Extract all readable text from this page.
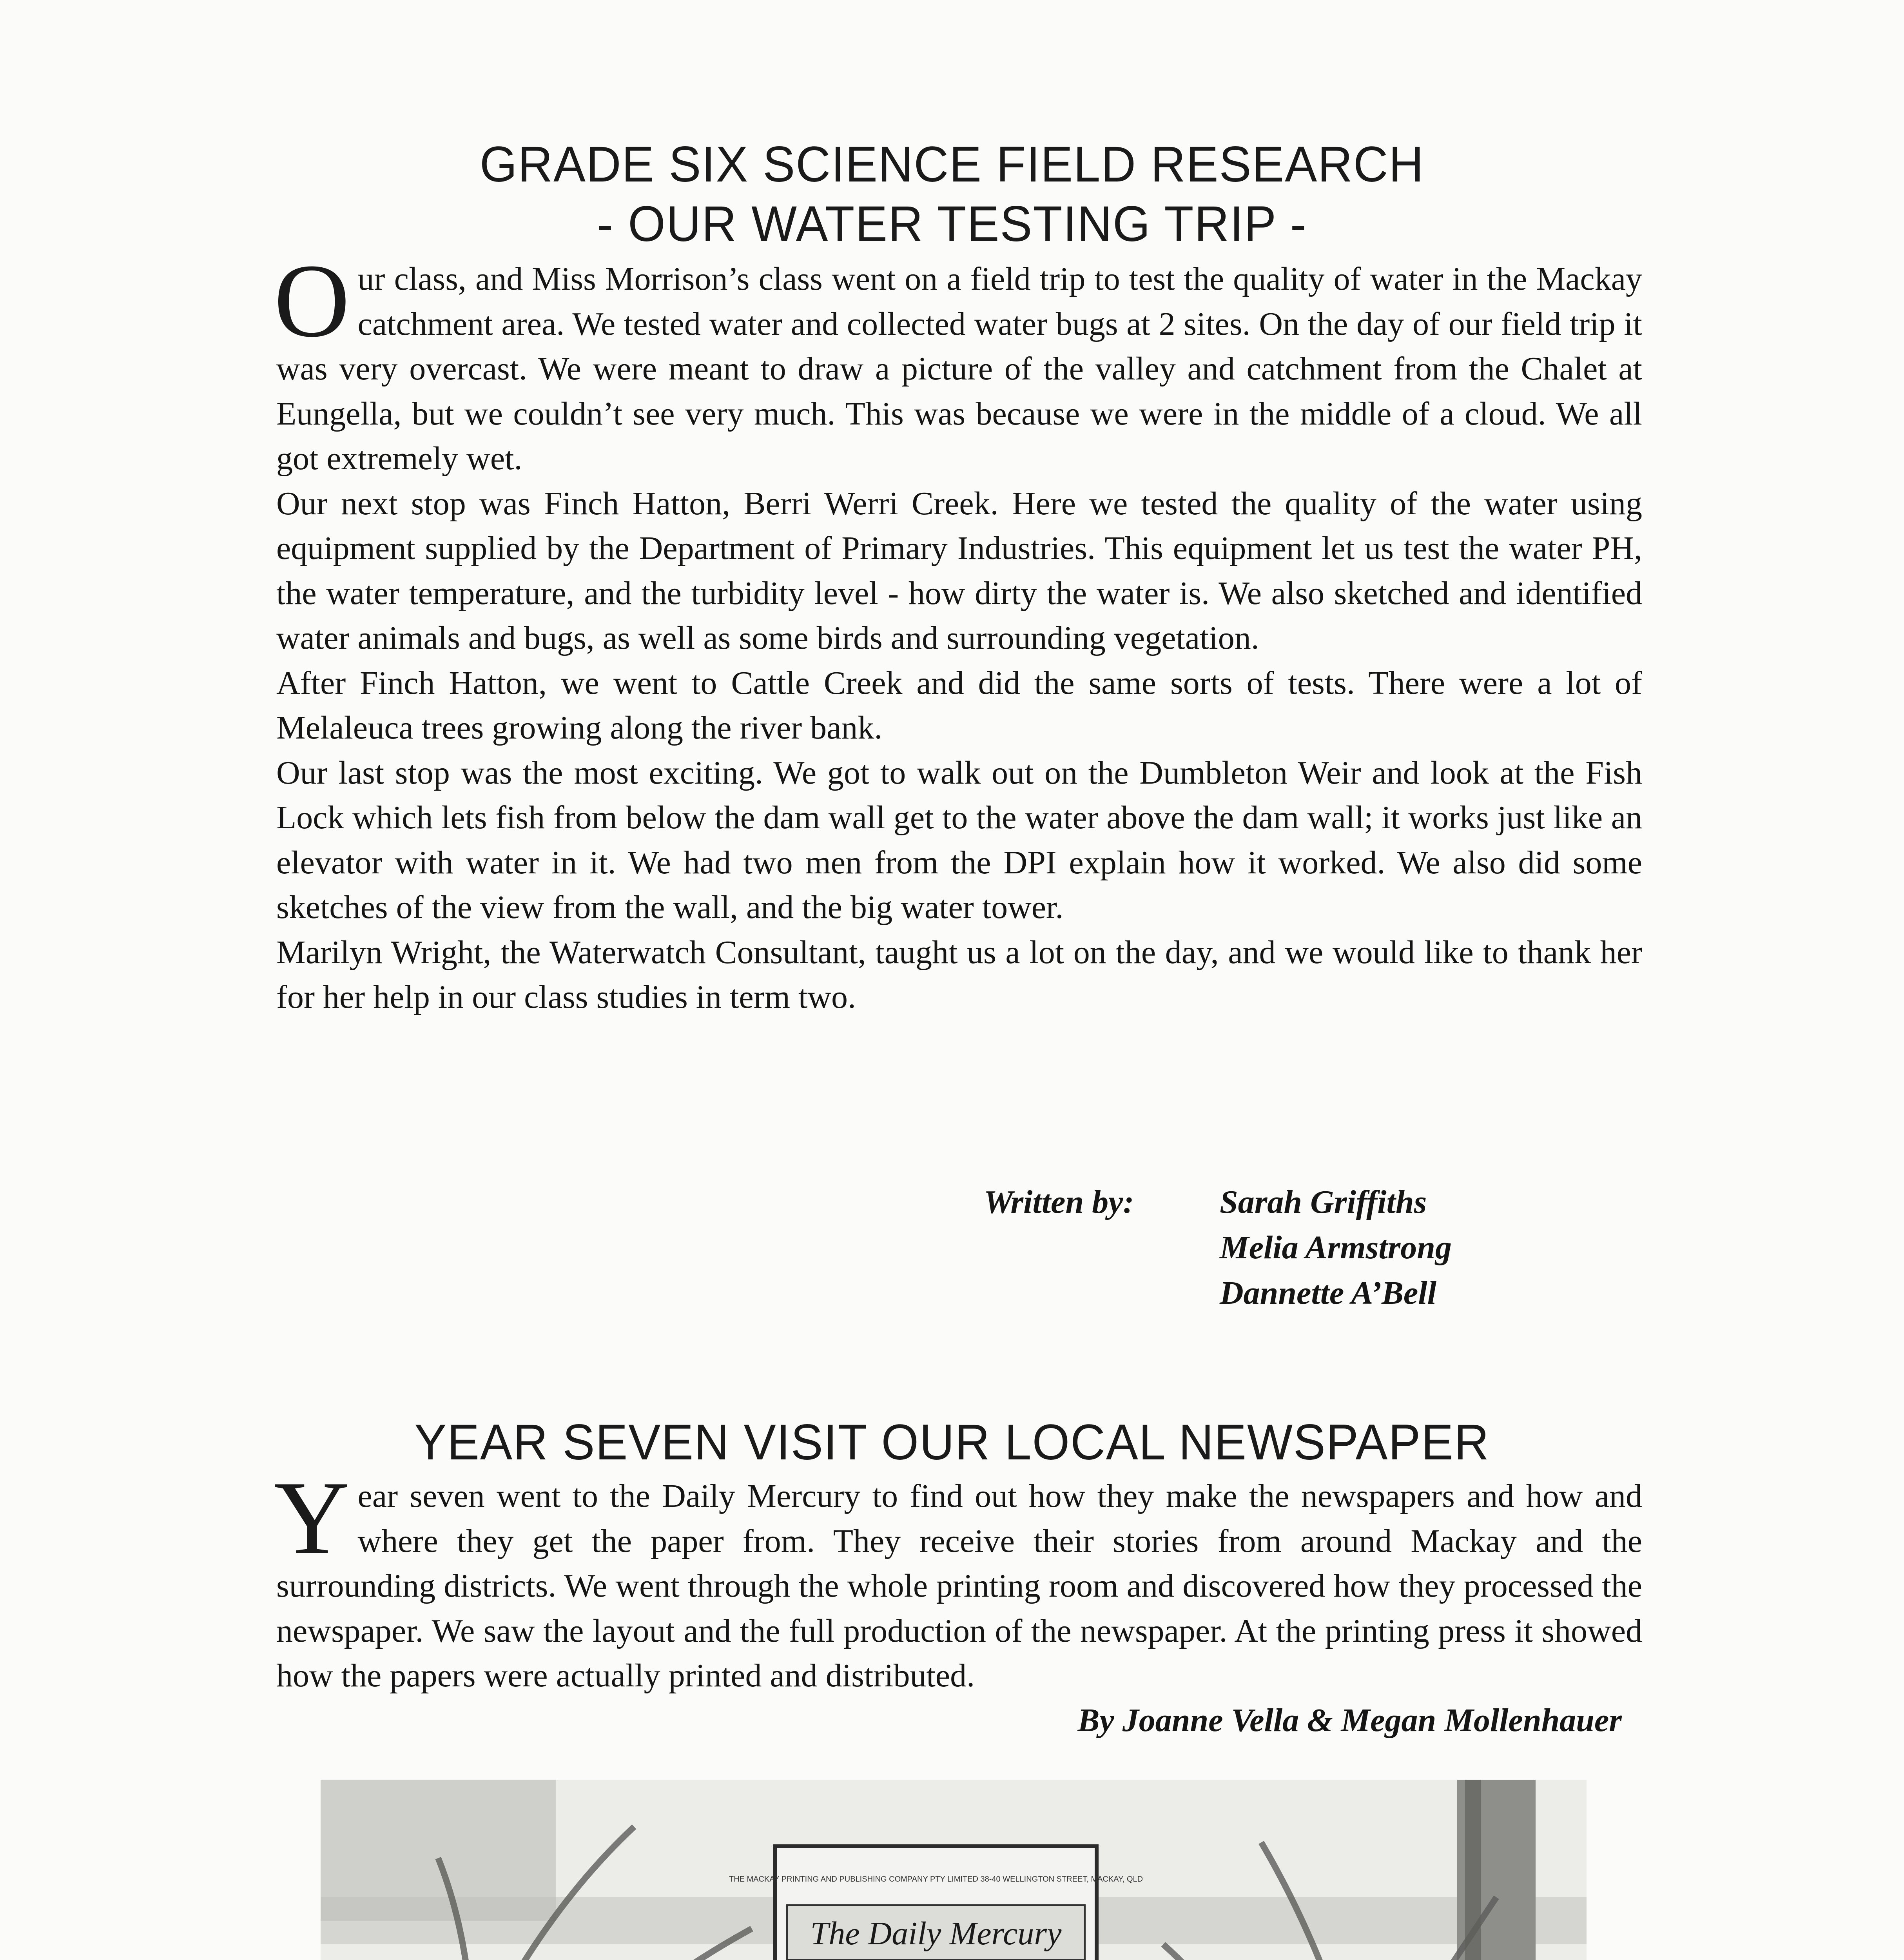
GRADE SIX SCIENCE FIELD RESEARCH
- OUR WATER TESTING TRIP -

Our class, and Miss Morrison’s class went on a field trip to test the quality of water in the Mackay catchment area. We tested water and collected water bugs at 2 sites. On the day of our field trip it was very overcast. We were meant to draw a picture of the valley and catchment from the Chalet at Eungella, but we couldn’t see very much. This was because we were in the middle of a cloud. We all got extremely wet.

Our next stop was Finch Hatton, Berri Werri Creek. Here we tested the quality of the water using equipment supplied by the Department of Primary Industries. This equipment let us test the water PH, the water temperature, and the turbidity level - how dirty the water is. We also sketched and identified water animals and bugs, as well as some birds and surrounding vegetation.

After Finch Hatton, we went to Cattle Creek and did the same sorts of tests. There were a lot of Melaleuca trees growing along the river bank.

Our last stop was the most exciting. We got to walk out on the Dumbleton Weir and look at the Fish Lock which lets fish from below the dam wall get to the water above the dam wall; it works just like an elevator with water in it. We had two men from the DPI explain how it worked. We also did some sketches of the view from the wall, and the big water tower.

Marilyn Wright, the Waterwatch Consultant, taught us a lot on the day, and we would like to thank her for her help in our class studies in term two.

Written by:	Sarah Griffiths
Melia Armstrong
Dannette A’Bell
YEAR SEVEN VISIT OUR LOCAL NEWSPAPER

Year seven went to the Daily Mercury to find out how they make the newspapers and how and where they get the paper from. They receive their stories from around Mackay and the surrounding districts. We went through the whole printing room and discovered how they processed the newspaper. We saw the layout and the full production of the newspaper. At the printing press it showed how the papers were actually printed and distributed.

By Joanne Vella & Megan Mollenhauer
THE MACKAY PRINTING AND PUBLISHING COMPANY PTY LIMITED 38-40 WELLINGTON STREET, MACKAY, QLD
The Daily Mercury
